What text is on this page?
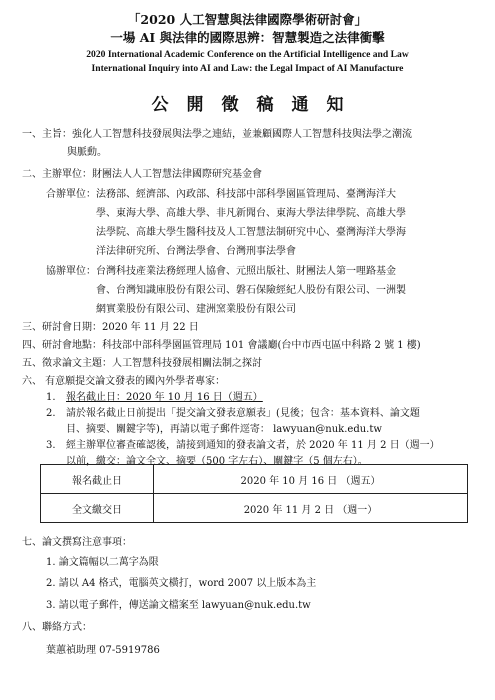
「2020 人工智慧與法律國際學術研討會」
一場 AI 與法律的國際思辨：智慧製造之法律衝擊
2020 International Academic Conference on the Artificial Intelligence and Law
International Inquiry into AI and Law: the Legal Impact of AI Manufacture
公開徵稿通知
一、主旨：強化人工智慧科技發展與法學之連結，並兼顧國際人工智慧科技與法學之潮流
與脈動。
二、主辦單位：財團法人人工智慧法律國際研究基金會
合辦單位： 法務部、經濟部、內政部、科技部中部科學園區管理局、臺灣海洋大
學、東海大學、高雄大學、非凡新聞台、東海大學法律學院、高雄大學
法學院、高雄大學生醫科技及人工智慧法制研究中心、臺灣海洋大學海
洋法律研究所、台灣法學會、台灣刑事法學會
協辦單位： 台灣科技產業法務經理人協會、元照出版社、財團法人第一哩路基金
會、台灣知識庫股份有限公司、磐石保險經紀人股份有限公司、一洲製
網實業股份有限公司、建洲窯業股份有限公司
三、研討會日期：2020 年 11 月 22 日
四、研討會地點：科技部中部科學園區管理局 101 會議廳(台中市西屯區中科路 2 號 1 樓)
五、徵求論文主題：人工智慧科技發展相關法制之探討
六、 有意願提交論文發表的國內外學者專家：
1. 報名截止日：2020 年 10 月 16 日（週五）
2. 請於報名截止日前提出「提交論文發表意願表」(見後；包含：基本資料、論文題
目、摘要、關鍵字等)，再請以電子郵件逕寄： lawyuan@nuk.edu.tw
3. 經主辦單位審查確認後，請接到通知的發表論文者，於 2020 年 11 月 2 日（週一）
以前，繳交：論文全文、摘要（500 字左右）、關鍵字（5 個左右）。
報名截止日	2020 年 10 月 16 日 （週五）
全文繳交日	2020 年 11 月 2 日 （週一）
七、論文撰寫注意事項：
1. 論文篇幅以二萬字為限
2. 請以 A4 格式，電腦英文橫打，word 2007 以上版本為主
3. 請以電子郵件，傳送論文檔案至 lawyuan@nuk.edu.tw
八、聯絡方式：
葉蕙禎助理 07-5919786
